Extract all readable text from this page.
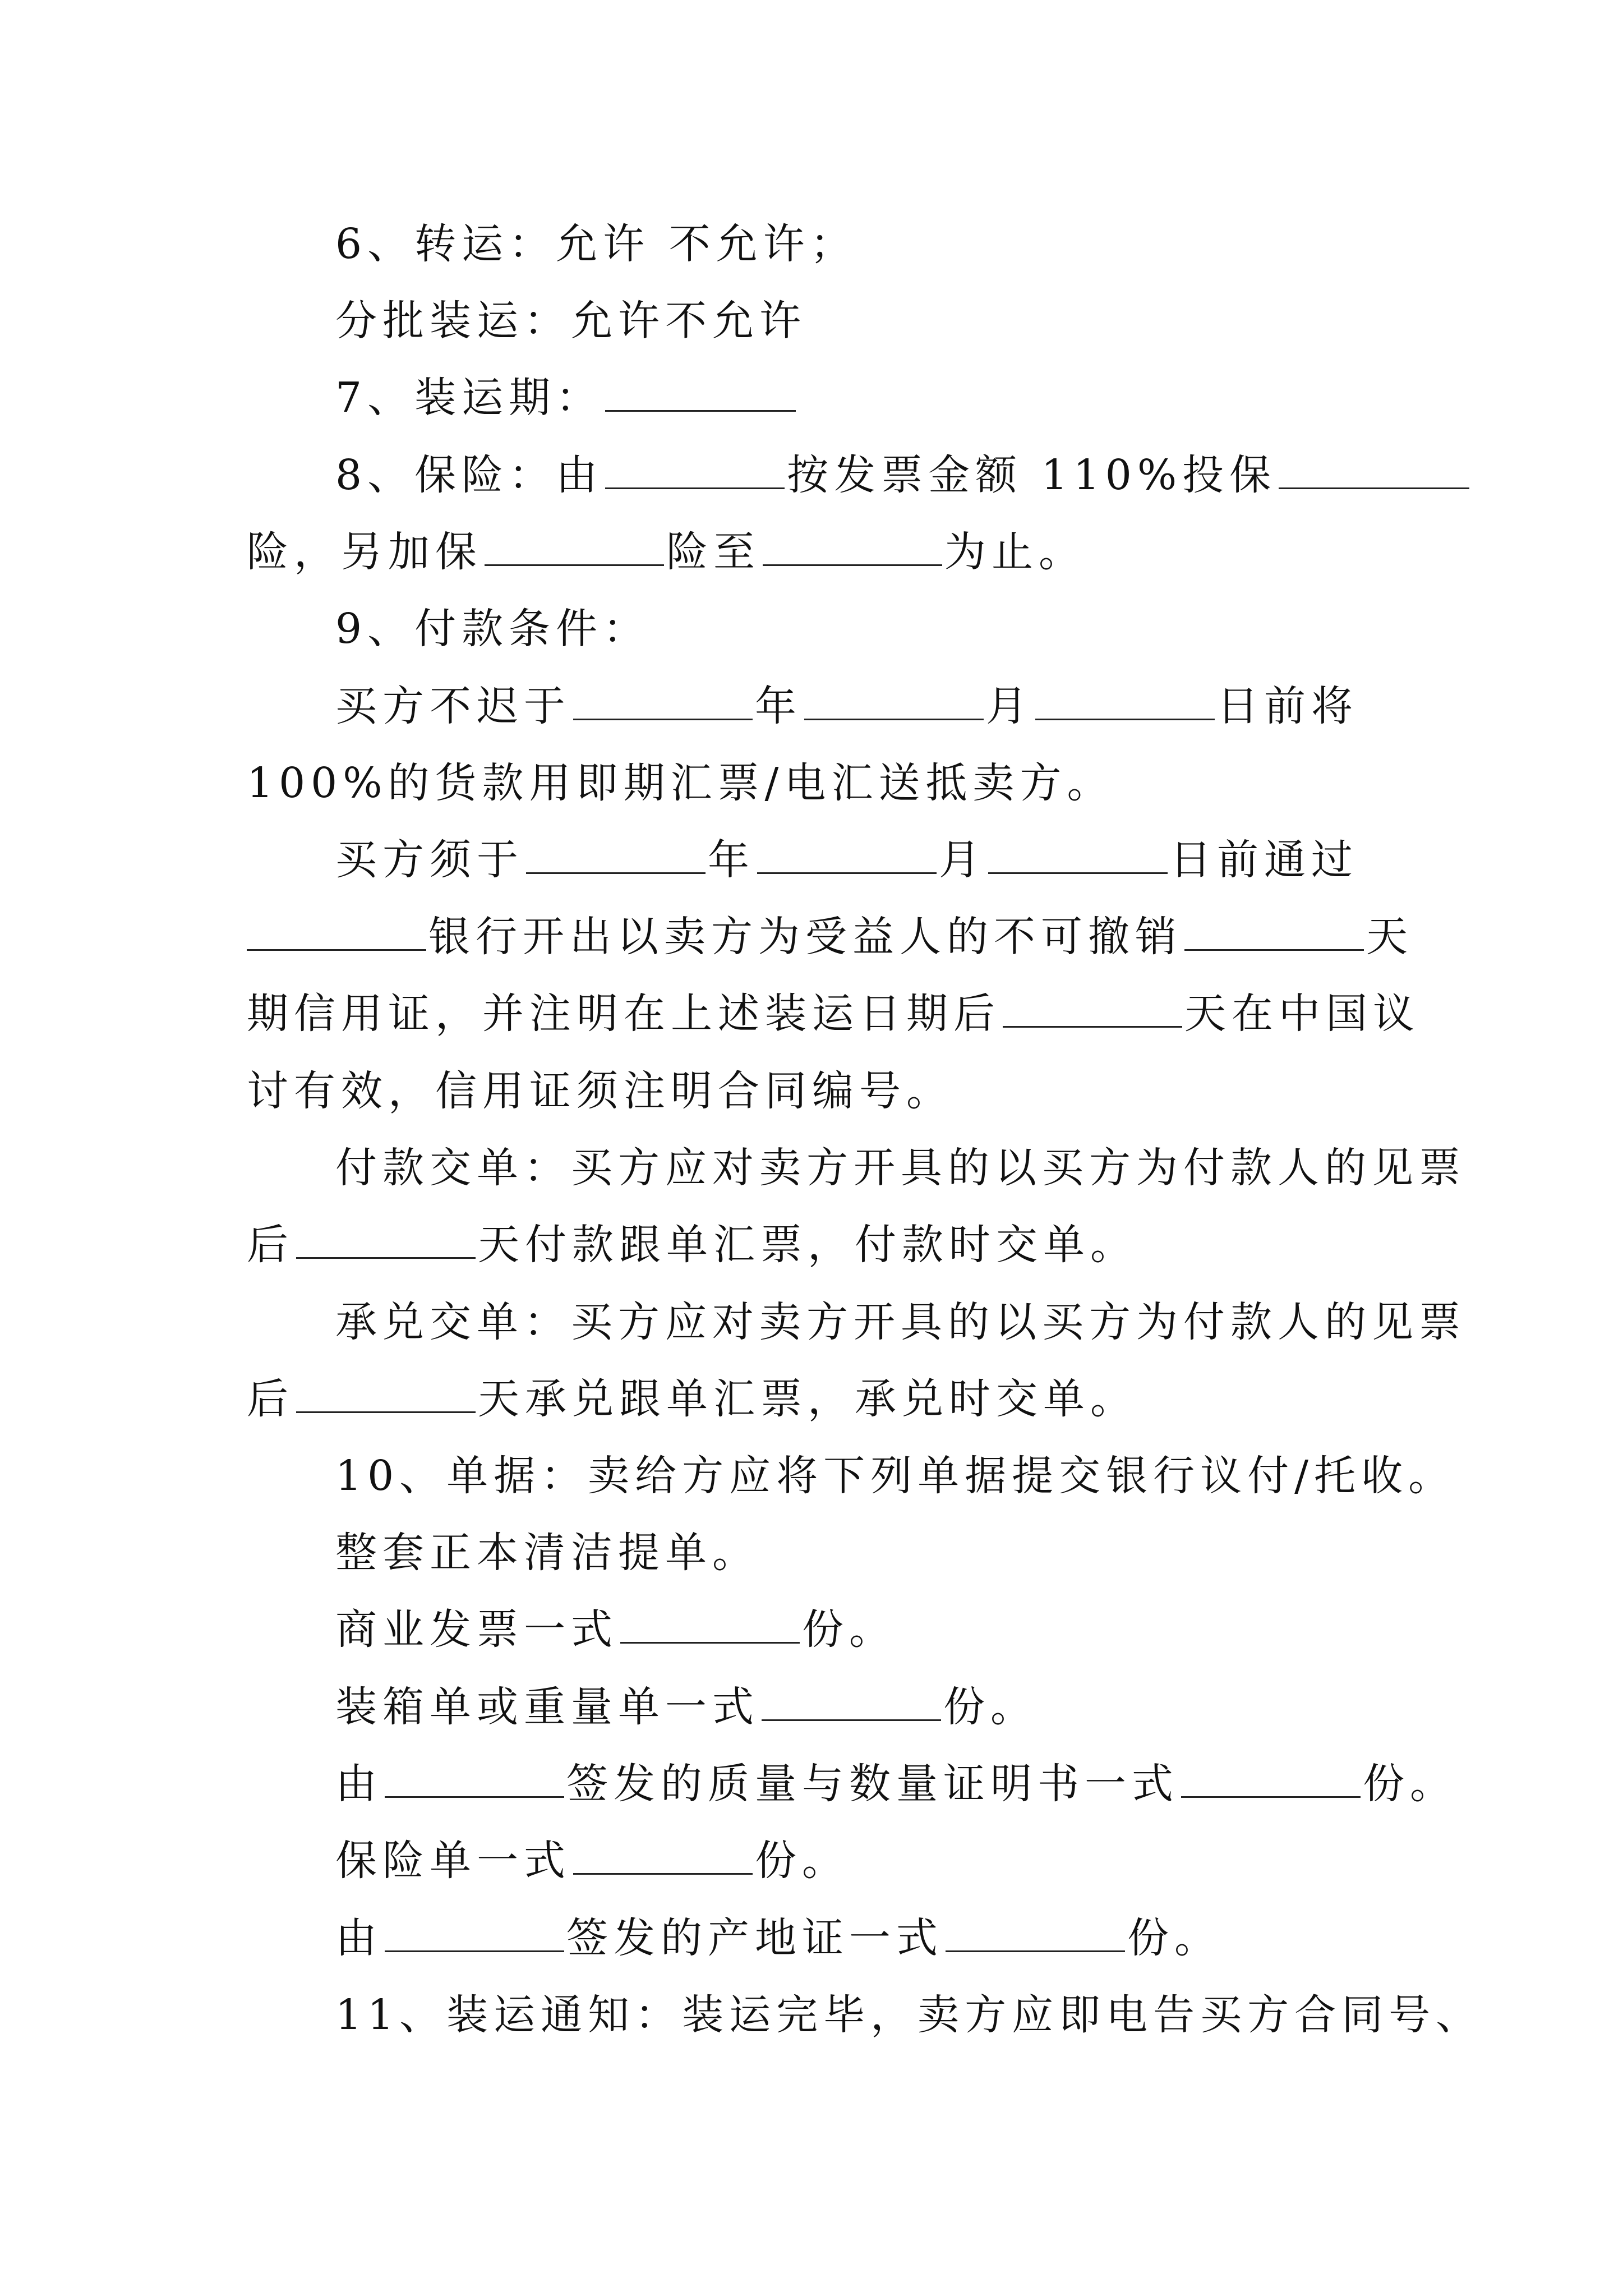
6、转运：允许 不允许；
分批装运：允许不允许
7、装运期：
8、保险：由	按发票金额 110%投保
险，另加保	险至	为止。
9、付款条件：
买方不迟于	年	月	日前将
100%的货款用即期汇票/电汇送抵卖方。
买方须于	年	月	日前通过
银行开出以卖方为受益人的不可撤销	天
期信用证，并注明在上述装运日期后	天在中国议
讨有效，信用证须注明合同编号。
付款交单：买方应对卖方开具的以买方为付款人的见票
后	天付款跟单汇票，付款时交单。
承兑交单：买方应对卖方开具的以买方为付款人的见票
后	天承兑跟单汇票，承兑时交单。
10、单据：卖给方应将下列单据提交银行议付/托收。
整套正本清洁提单。
商业发票一式	份。
装箱单或重量单一式	份。
由	签发的质量与数量证明书一式	份。
保险单一式	份。
由	签发的产地证一式	份。
11、装运通知：装运完毕，卖方应即电告买方合同号、
